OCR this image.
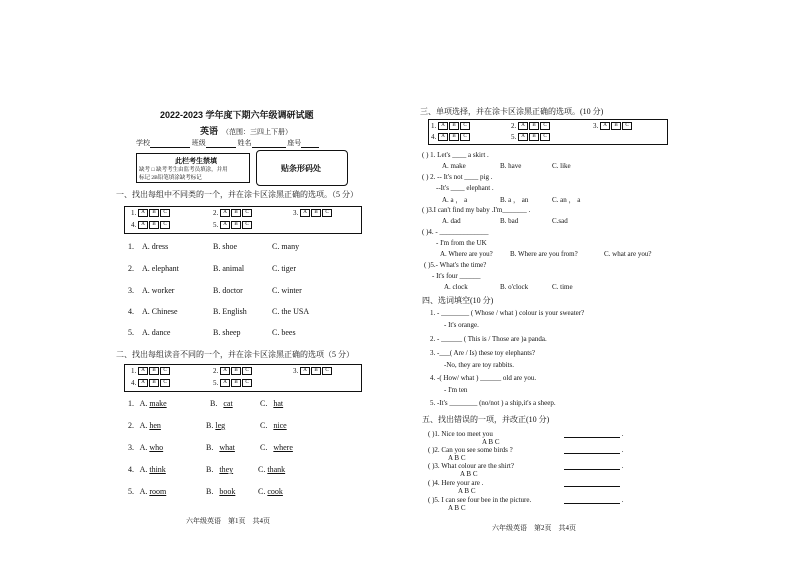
2022-2023 学年度下期六年级调研试题
英语 （范围：三四上下册）
学校	班级	姓名	座号
此栏考生禁填
缺考 □ 缺考考生由监考员填涂，并用
标记 2B铅笔填涂缺考标记
贴条形码处
一、找出每组中不同类的一个，并在涂卡区涂黑正确的选项。（5 分）
1. A B C	2. A B C	3. A B C
4. A B C	5. A B C
1. A. dress	B. shoe	C. many
2. A. elephant	B. animal	C. tiger
3. A. worker	B. doctor	C. winter
4. A. Chinese	B. English	C. the USA
5. A. dance	B. sheep	C. bees
二、找出每组读音不同的一个，并在涂卡区涂黑正确的选项（5 分）
1. A B C	2. A B C	3. A B C
4. A B C	5. A B C
1. A. make	B. cat	C. hat
2. A. hen	B. leg	C. nice
3. A. who	B. what	C. where
4. A. think	B. they	C. thank
5. A. room	B. book	C. cook
六年级英语 第1页 共4页
三、单项选择，并在涂卡区涂黑正确的选项。(10 分)
1. A B C	2. A B C	3. A B C
4. A B C	5. A B C
( ) 1. Let's ____ a skirt .
A. make	B. have	C. like
( ) 2. -- It's not ____ pig .
--It's ____ elephant .
A. a ， a	B. a ， an	C. an ， a
( )3.I can't find my baby .I'm_______ .
A. dad	B. bad	C.sad
( )4. - ______________
- I'm from the UK
A. Where are you? B. Where are you from?	C. what are you?
( )5.- What's the time?
- It's four ______
A. clock	B. o'clock	C. time
四、选词填空(10 分)
1. - ________ ( Whose / what ) colour is your sweater?
- It's orange.
2. - ______ ( This is / Those are )a panda.
3. -___( Are / Is) these toy elephants?
-No, they are toy rabbits.
4. -( How/ what ) ______ old are you.
- I'm ten
5. -It's ________ (no/not ) a ship,it's a sheep.
五、找出错误的一项，并改正(10 分)
( )1. Nice too meet you
A B C
.
( )2. Can you see some birds ?
A B C
.
( )3. What colour are the shirt?
A B C
.
( )4. Here your are .
A B C
( )5. I can see four bee in the picture.
A B C
.
六年级英语 第2页 共4页
